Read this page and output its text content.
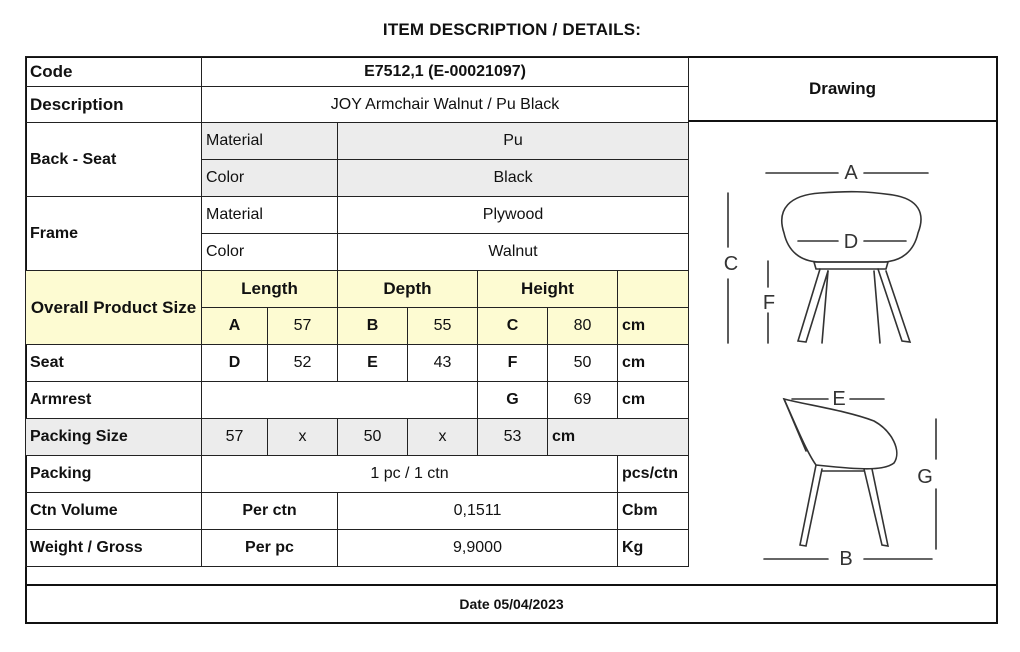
ITEM DESCRIPTION / DETAILS:
Code	E7512,1 (E-00021097)						
Description	JOY Armchair Walnut / Pu Black						
Back - Seat	Material		Pu				
	Color		Black				
Frame	Material		Plywood				
	Color		Walnut				
Overall Product Size	Length		Depth		Height		
	A	57	B	55	C	80	cm
Seat	D	52	E	43	F	50	cm
Armrest					G	69	cm
Packing Size	57	x	50	x	53	cm	
Packing	1 pc / 1 ctn						pcs/ctn
Ctn Volume	Per ctn		0,1511				Cbm
Weight / Gross	Per pc		9,9000				Kg
Drawing
A
C
D
F
E
G
B
Date 05/04/2023
